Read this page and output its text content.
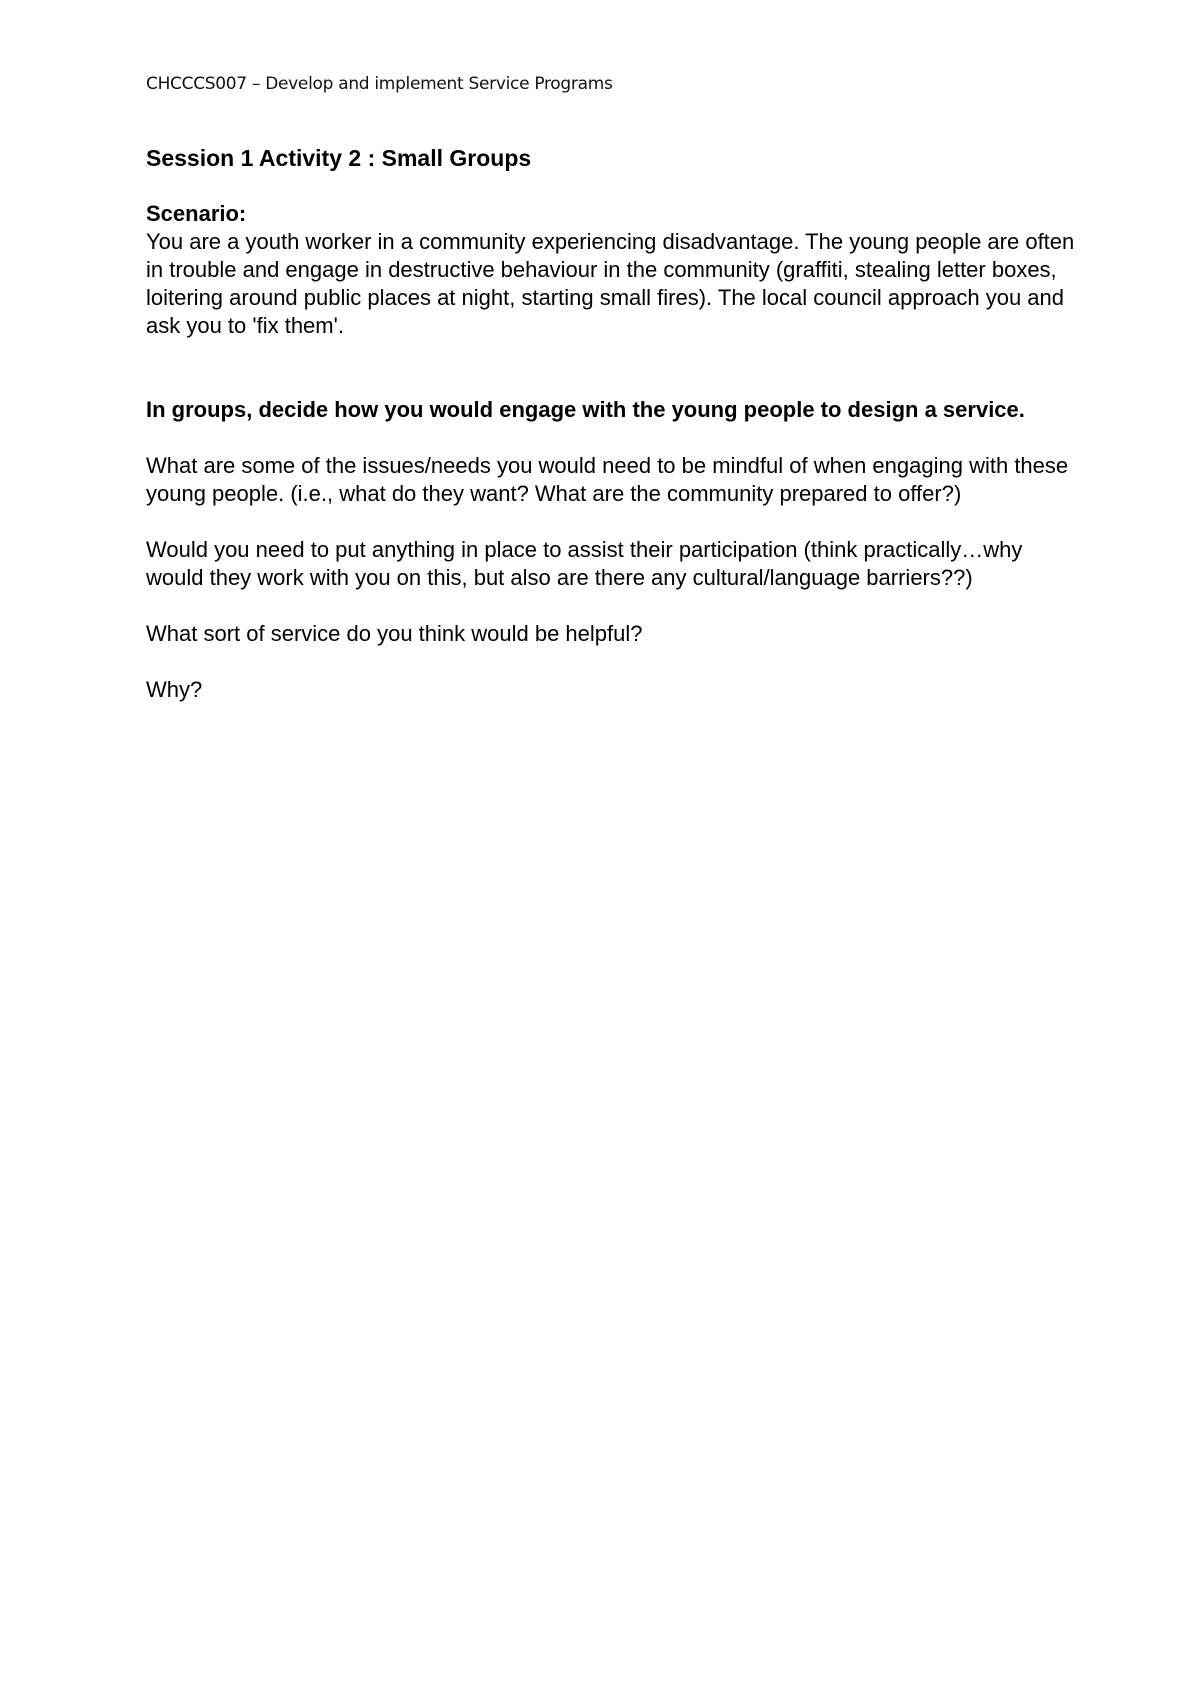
CHCCCS007 – Develop and implement Service Programs

Session 1 Activity 2 : Small Groups

Scenario:

You are a youth worker in a community experiencing disadvantage. The young people are often in trouble and engage in destructive behaviour in the community (graffiti, stealing letter boxes, loitering around public places at night, starting small fires). The local council approach you and ask you to 'fix them'.

In groups, decide how you would engage with the young people to design a service.

What are some of the issues/needs you would need to be mindful of when engaging with these young people. (i.e., what do they want? What are the community prepared to offer?)

Would you need to put anything in place to assist their participation (think practically…why would they work with you on this, but also are there any cultural/language barriers??)

What sort of service do you think would be helpful?

Why?
